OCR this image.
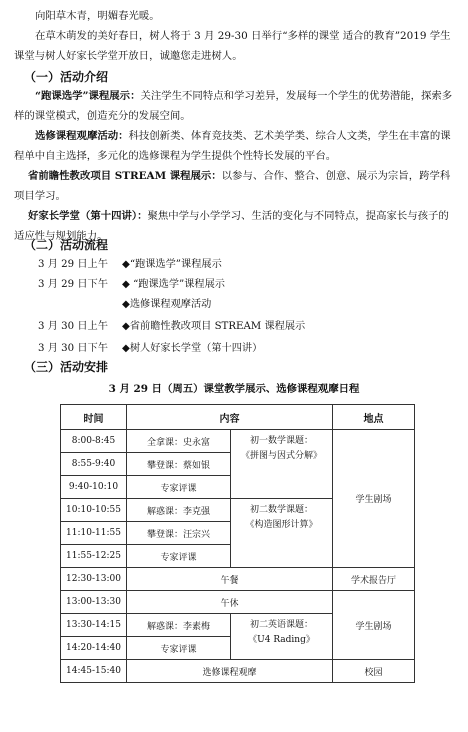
向阳草木青，明媚春光暖。

在草木萌发的美好春日，树人将于 3 月 29-30 日举行“多样的课堂 适合的教育”2019 学生课堂与树人好家长学堂开放日，诚邀您走进树人。

（一）活动介绍

“跑课选学”课程展示：关注学生不同特点和学习差异，发展每一个学生的优势潜能，探索多样的课堂模式，创造充分的发展空间。

选修课程观摩活动：科技创新类、体育竞技类、艺术美学类、综合人文类，学生在丰富的课程单中自主选择，多元化的选修课程为学生提供个性特长发展的平台。

省前瞻性教改项目 STREAM 课程展示：以参与、合作、整合、创意、展示为宗旨，跨学科项目学习。

好家长学堂（第十四讲）：聚焦中学与小学学习、生活的变化与不同特点，提高家长与孩子的适应性与规划能力。

（二）活动流程
3 月 29 日上午 ◆“跑课选学”课程展示
3 月 29 日下午 ◆ “跑课选学”课程展示
◆选修课程观摩活动
3 月 30 日上午 ◆省前瞻性教改项目 STREAM 课程展示
3 月 30 日下午 ◆树人好家长学堂（第十四讲）
（三）活动安排
3 月 29 日（周五）课堂教学展示、选修课程观摩日程
时间	内容		地点
8:00-8:45	全拿课：史永富	初一数学课题：
《拼图与因式分解》	学生剧场
8:55-9:40	攀登课：蔡如银		
9:40-10:10	专家评课		
10:10-10:55	解惑课：李克强	初二数学课题：
《构造图形计算》	

11:10-11:55	攀登课：汪宗兴		
11:55-12:25	专家评课		
12:30-13:00	午餐		学术报告厅
13:00-13:30	午休		学生剧场
13:30-14:15	解惑课：李素梅	初二英语课题：
《U4 Rading》	

14:20-14:40	专家评课		
14:45-15:40	选修课程观摩		校园
